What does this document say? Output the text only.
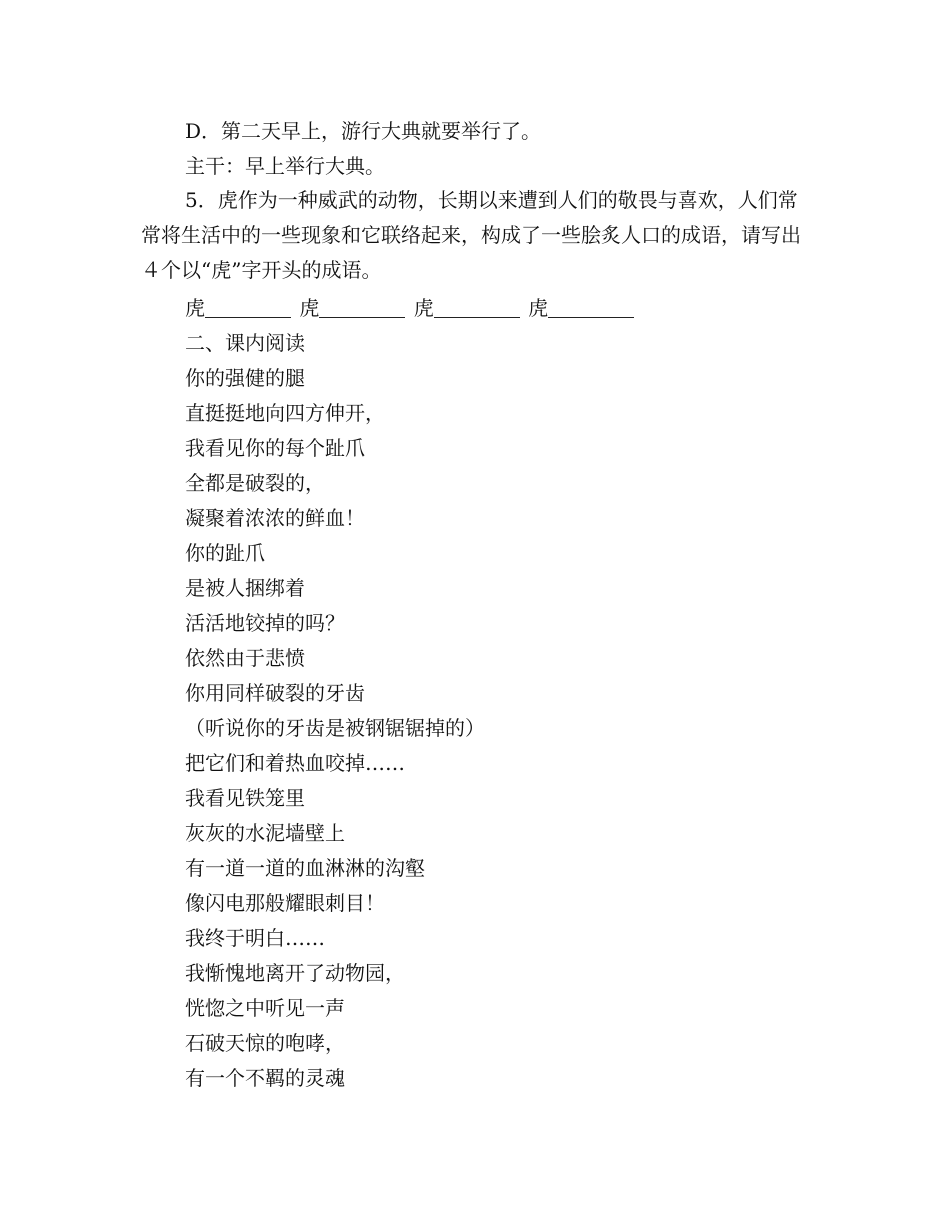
D．第二天早上，游行大典就要举行了。
主干：早上举行大典。
5．虎作为一种威武的动物，长期以来遭到人们的敬畏与喜欢，人们常常将生活中的一些现象和它联络起来，构成了一些脍炙人口的成语，请写出４个以“虎”字开头的成语。
虎	虎	虎	虎
二、课内阅读
你的强健的腿
直挺挺地向四方伸开，
我看见你的每个趾爪
全都是破裂的，
凝聚着浓浓的鲜血！
你的趾爪
是被人捆绑着
活活地铰掉的吗？
依然由于悲愤
你用同样破裂的牙齿
（听说你的牙齿是被钢锯锯掉的）
把它们和着热血咬掉……
我看见铁笼里
灰灰的水泥墙壁上
有一道一道的血淋淋的沟壑
像闪电那般耀眼刺目！
我终于明白……
我惭愧地离开了动物园，
恍惚之中听见一声
石破天惊的咆哮，
有一个不羁的灵魂
